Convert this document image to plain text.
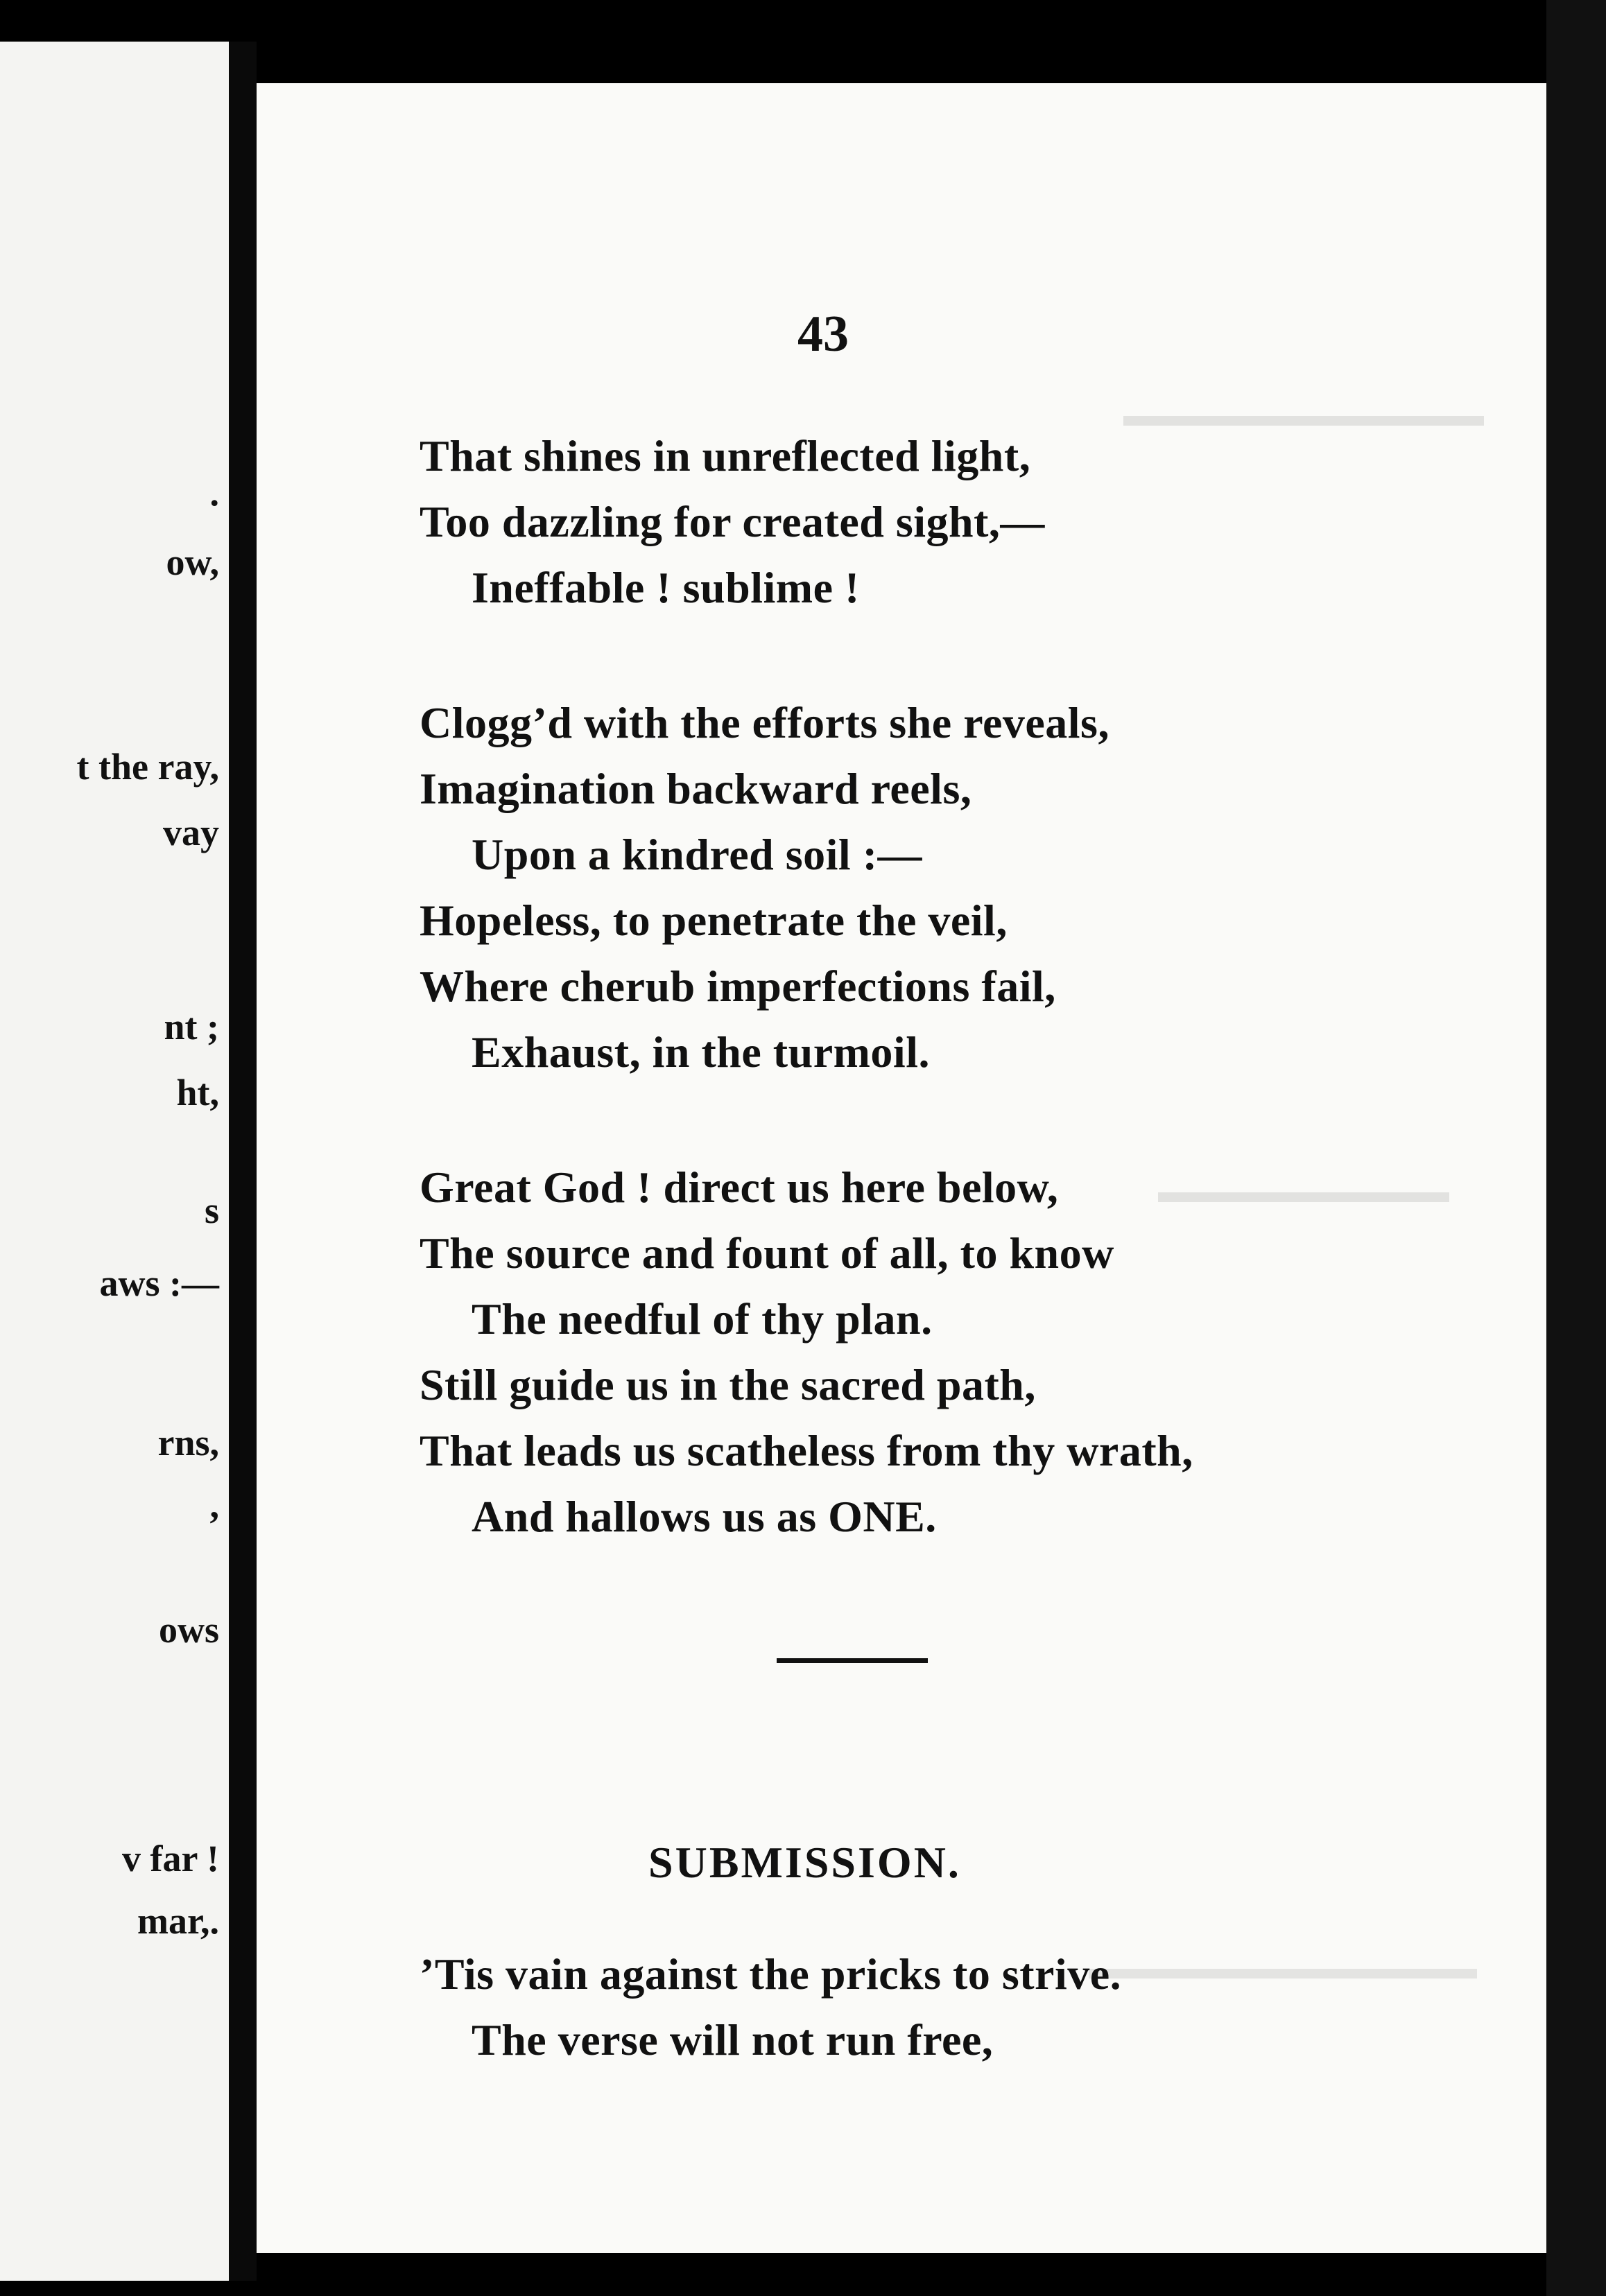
.
ow,
t the ray,
vay
nt ;
ht,
s
aws :—
rns,
,
ows
v far !
mar,.
43
That shines in unreflected light,
Too dazzling for created sight,—
Ineffable ! sublime !
Clogg’d with the efforts she reveals,
Imagination backward reels,
Upon a kindred soil :—
Hopeless, to penetrate the veil,
Where cherub imperfections fail,
Exhaust, in the turmoil.
Great God ! direct us here below,
The source and fount of all, to know
The needful of thy plan.
Still guide us in the sacred path,
That leads us scatheless from thy wrath,
And hallows us as ONE.
SUBMISSION.
’Tis vain against the pricks to strive.
The verse will not run free,
